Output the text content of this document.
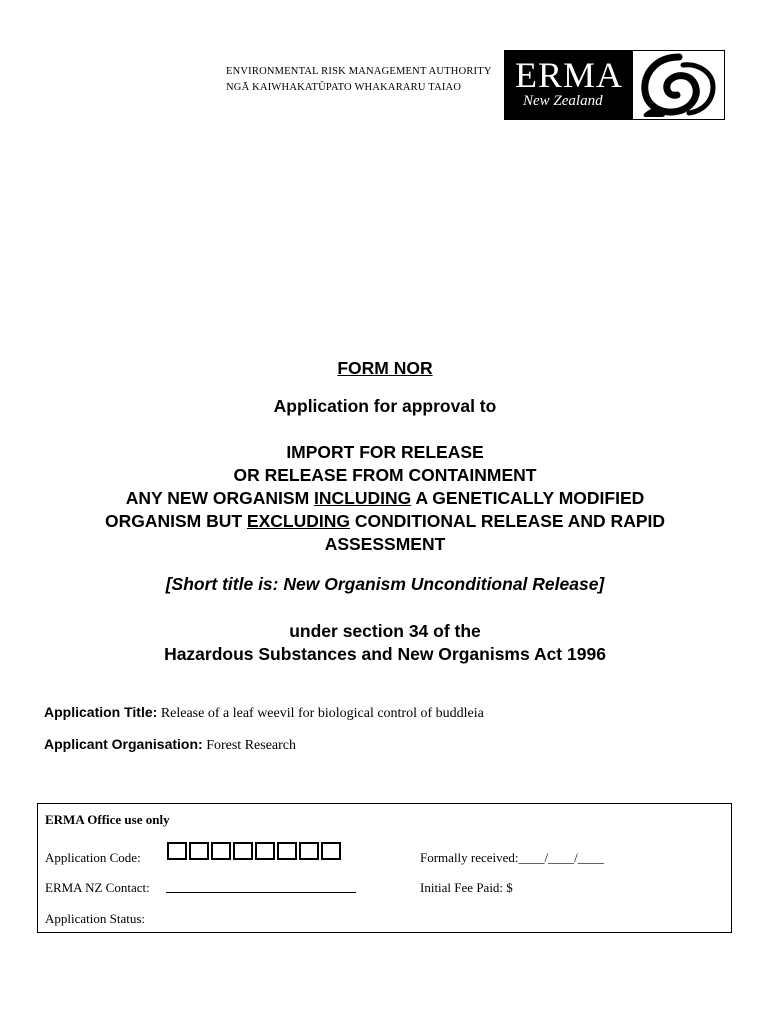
ENVIRONMENTAL RISK MANAGEMENT AUTHORITY
NGĀ KAIWHAKATŪPATO WHAKARARU TAIAO	ERMA
New Zealand
FORM NOR
Application for approval to
IMPORT FOR RELEASE
OR RELEASE FROM CONTAINMENT
ANY NEW ORGANISM INCLUDING A GENETICALLY MODIFIED
ORGANISM BUT EXCLUDING CONDITIONAL RELEASE AND RAPID
ASSESSMENT
[Short title is: New Organism Unconditional Release]
under section 34 of the
Hazardous Substances and New Organisms Act 1996
Application Title: Release of a leaf weevil for biological control of buddleia
Applicant Organisation: Forest Research
ERMA Office use only
Application Code:	Formally received:____/____/____
ERMA NZ Contact:	Initial Fee Paid: $
Application Status:
